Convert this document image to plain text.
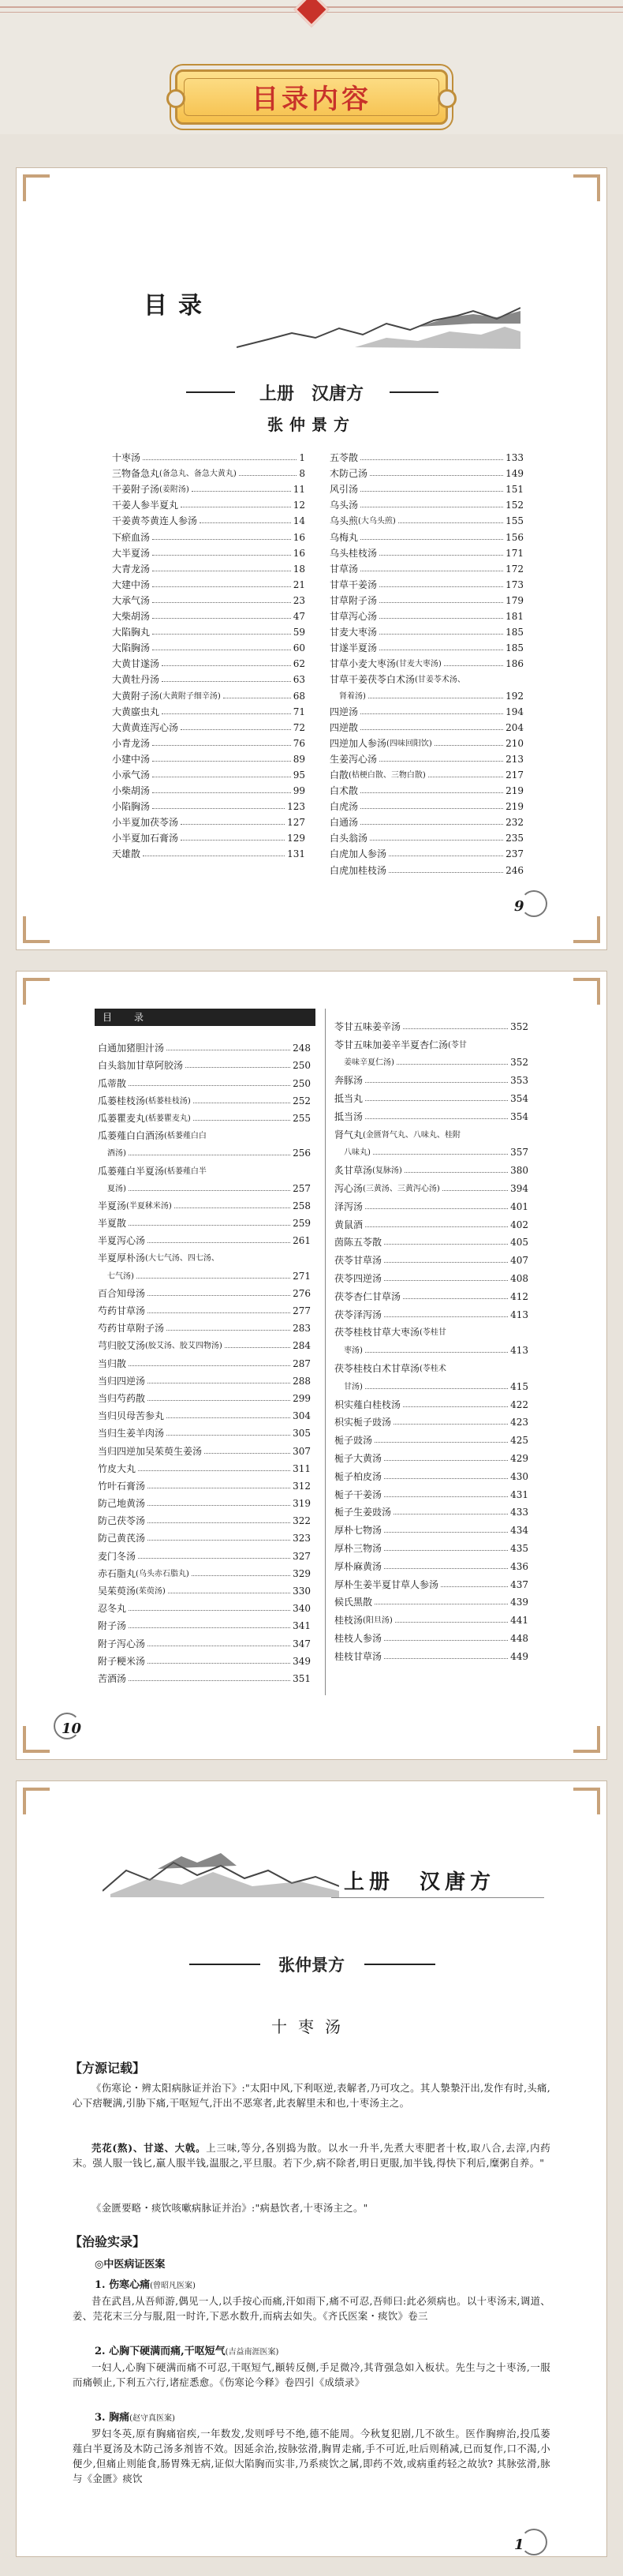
目录内容
目录
上册　汉唐方
张仲景方
十枣汤	1
三物备急丸 (备急丸、备急大黄丸)	8
干姜附子汤 (姜附汤)	11
干姜人参半夏丸	12
干姜黄芩黄连人参汤	14
下瘀血汤	16
大半夏汤	16
大青龙汤	18
大建中汤	21
大承气汤	23
大柴胡汤	47
大陷胸丸	59
大陷胸汤	60
大黄甘遂汤	62
大黄牡丹汤	63
大黄附子汤 (大黄附子细辛汤)	68
大黄䗪虫丸	71
大黄黄连泻心汤	72
小青龙汤	76
小建中汤	89
小承气汤	95
小柴胡汤	99
小陷胸汤	123
小半夏加茯苓汤	127
小半夏加石膏汤	129
天雄散	131
五苓散	133
木防己汤	149
风引汤	151
乌头汤	152
乌头煎 (大乌头煎)	155
乌梅丸	156
乌头桂枝汤	171
甘草汤	172
甘草干姜汤	173
甘草附子汤	179
甘草泻心汤	181
甘麦大枣汤	185
甘遂半夏汤	185
甘草小麦大枣汤 (甘麦大枣汤)	186
甘草干姜茯苓白术汤 (甘姜苓术汤、
肾着汤)	192
四逆汤	194
四逆散	204
四逆加人参汤 (四味回阳饮)	210
生姜泻心汤	213
白散 (桔梗白散、三物白散)	217
白术散	219
白虎汤	219
白通汤	232
白头翁汤	235
白虎加人参汤	237
白虎加桂枝汤	246
9
目　录
白通加猪胆汁汤	248
白头翁加甘草阿胶汤	250
瓜蒂散	250
瓜蒌桂枝汤 (栝蒌桂枝汤)	252
瓜蒌瞿麦丸 (栝蒌瞿麦丸)	255
瓜蒌薤白白酒汤 (栝蒌薤白白
酒汤)	256
瓜蒌薤白半夏汤 (栝蒌薤白半
夏汤)	257
半夏汤 (半夏秫米汤)	258
半夏散	259
半夏泻心汤	261
半夏厚朴汤 (大七气汤、四七汤、
七气汤)	271
百合知母汤	276
芍药甘草汤	277
芍药甘草附子汤	283
芎归胶艾汤 (胶艾汤、胶艾四物汤)	284
当归散	287
当归四逆汤	288
当归芍药散	299
当归贝母苦参丸	304
当归生姜羊肉汤	305
当归四逆加吴茱萸生姜汤	307
竹皮大丸	311
竹叶石膏汤	312
防己地黄汤	319
防己茯苓汤	322
防己黄芪汤	323
麦门冬汤	327
赤石脂丸 (乌头赤石脂丸)	329
吴茱萸汤 (茱萸汤)	330
忍冬丸	340
附子汤	341
附子泻心汤	347
附子粳米汤	349
苦酒汤	351
苓甘五味姜辛汤	352
苓甘五味加姜辛半夏杏仁汤 (苓甘
姜味辛夏仁汤)	352
奔豚汤	353
抵当丸	354
抵当汤	354
肾气丸 (金匮肾气丸、八味丸、桂附
八味丸)	357
炙甘草汤 (复脉汤)	380
泻心汤 (三黄汤、三黄泻心汤)	394
泽泻汤	401
黄鼠酒	402
茵陈五苓散	405
茯苓甘草汤	407
茯苓四逆汤	408
茯苓杏仁甘草汤	412
茯苓泽泻汤	413
茯苓桂枝甘草大枣汤 (苓桂甘
枣汤)	413
茯苓桂枝白术甘草汤 (苓桂术
甘汤)	415
枳实薤白桂枝汤	422
枳实栀子豉汤	423
栀子豉汤	425
栀子大黄汤	429
栀子柏皮汤	430
栀子干姜汤	431
栀子生姜豉汤	433
厚朴七物汤	434
厚朴三物汤	435
厚朴麻黄汤	436
厚朴生姜半夏甘草人参汤	437
候氏黑散	439
桂枝汤 (阳旦汤)	441
桂枝人参汤	448
桂枝甘草汤	449
10
上册　汉唐方
张仲景方
十枣汤
【方源记载】
《伤寒论・辨太阳病脉证并治下》:"太阳中风,下利呕逆,表解者,乃可攻之。其人漐漐汗出,发作有时,头痛,心下痞鞕满,引胁下痛,干呕短气,汗出不恶寒者,此表解里未和也,十枣汤主之。
芫花(熬)、甘遂、大戟。上三味,等分,各别捣为散。以水一升半,先煮大枣肥者十枚,取八合,去滓,内药末。强人服一钱匕,羸人服半钱,温服之,平旦服。若下少,病不除者,明日更服,加半钱,得快下利后,糜粥自养。"
《金匮要略・痰饮咳嗽病脉证并治》:"病悬饮者,十枣汤主之。"
【治验实录】
◎中医病证医案
1. 伤寒心痛(曾昭凡医案)
昔在武昌,从吾师游,偶见一人,以手按心而痛,汗如雨下,痛不可忍,吾师曰:此必须病也。以十枣汤末,调道、姜、芫花末三分与服,阻一时许,下恶水数升,而病去如失。《齐氏医案・痰饮》卷三
2. 心胸下硬满而痛,干呕短气(吉益南涯医案)
一妇人,心胸下硬满而痛不可忍,干呕短气,顚转反侧,手足微冷,其背强急如入板状。先生与之十枣汤,一服而痛顿止,下利五六行,诸症悉愈。《伤寒论今释》卷四引《成绩录》
3. 胸痛(赵守真医案)
罗妇冬英,原有胸痛宿疾,一年数发,发则呼号不绝,德不能周。今秋复犯剧,几不欲生。医作胸痹治,投瓜蒌薤白半夏汤及木防己汤多剂皆不效。因延余治,按脉弦滑,胸胃走痛,手不可近,吐后则稍减,已而复作,口不渴,小便少,但痛止则能食,肠胃殊无病,证似大陷胸而实非,乃系痰饮之属,即药不效,或病重药轻之故欤? 其脉弦滑,脉与《金匮》痰饮
1
